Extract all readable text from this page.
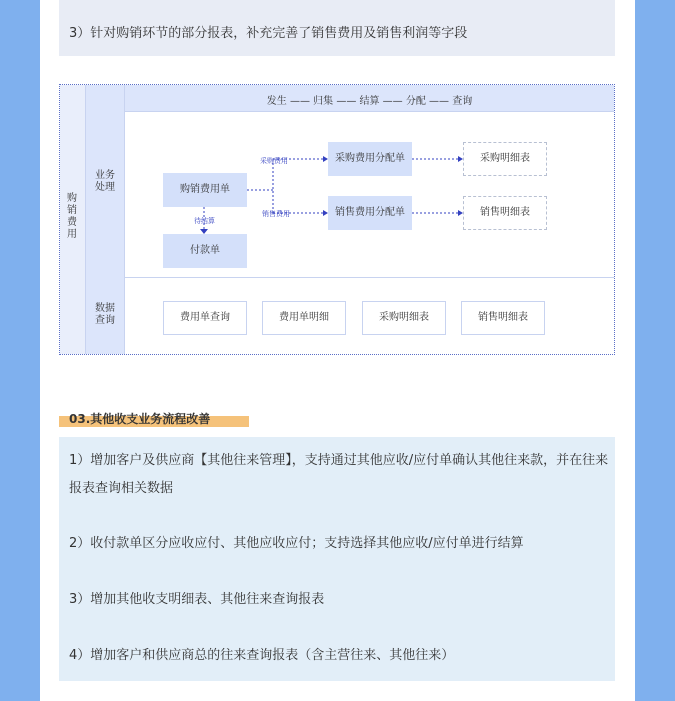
3）针对购销环节的部分报表，补充完善了销售费用及销售利润等字段
购销费用
业务处理
数据查询
发生 —— 归集 —— 结算 —— 分配 —— 查询
采购费用
销售费用
待结算
购销费用单
付款单
采购费用分配单
销售费用分配单
采购明细表
销售明细表
费用单查询	费用单明细	采购明细表	销售明细表
03.其他收支业务流程改善

1）增加客户及供应商【其他往来管理】，支持通过其他应收/应付单确认其他往来款，并在往来报表查询相关数据

2）收付款单区分应收应付、其他应收应付；支持选择其他应收/应付单进行结算

3）增加其他收支明细表、其他往来查询报表

4）增加客户和供应商总的往来查询报表（含主营往来、其他往来）
